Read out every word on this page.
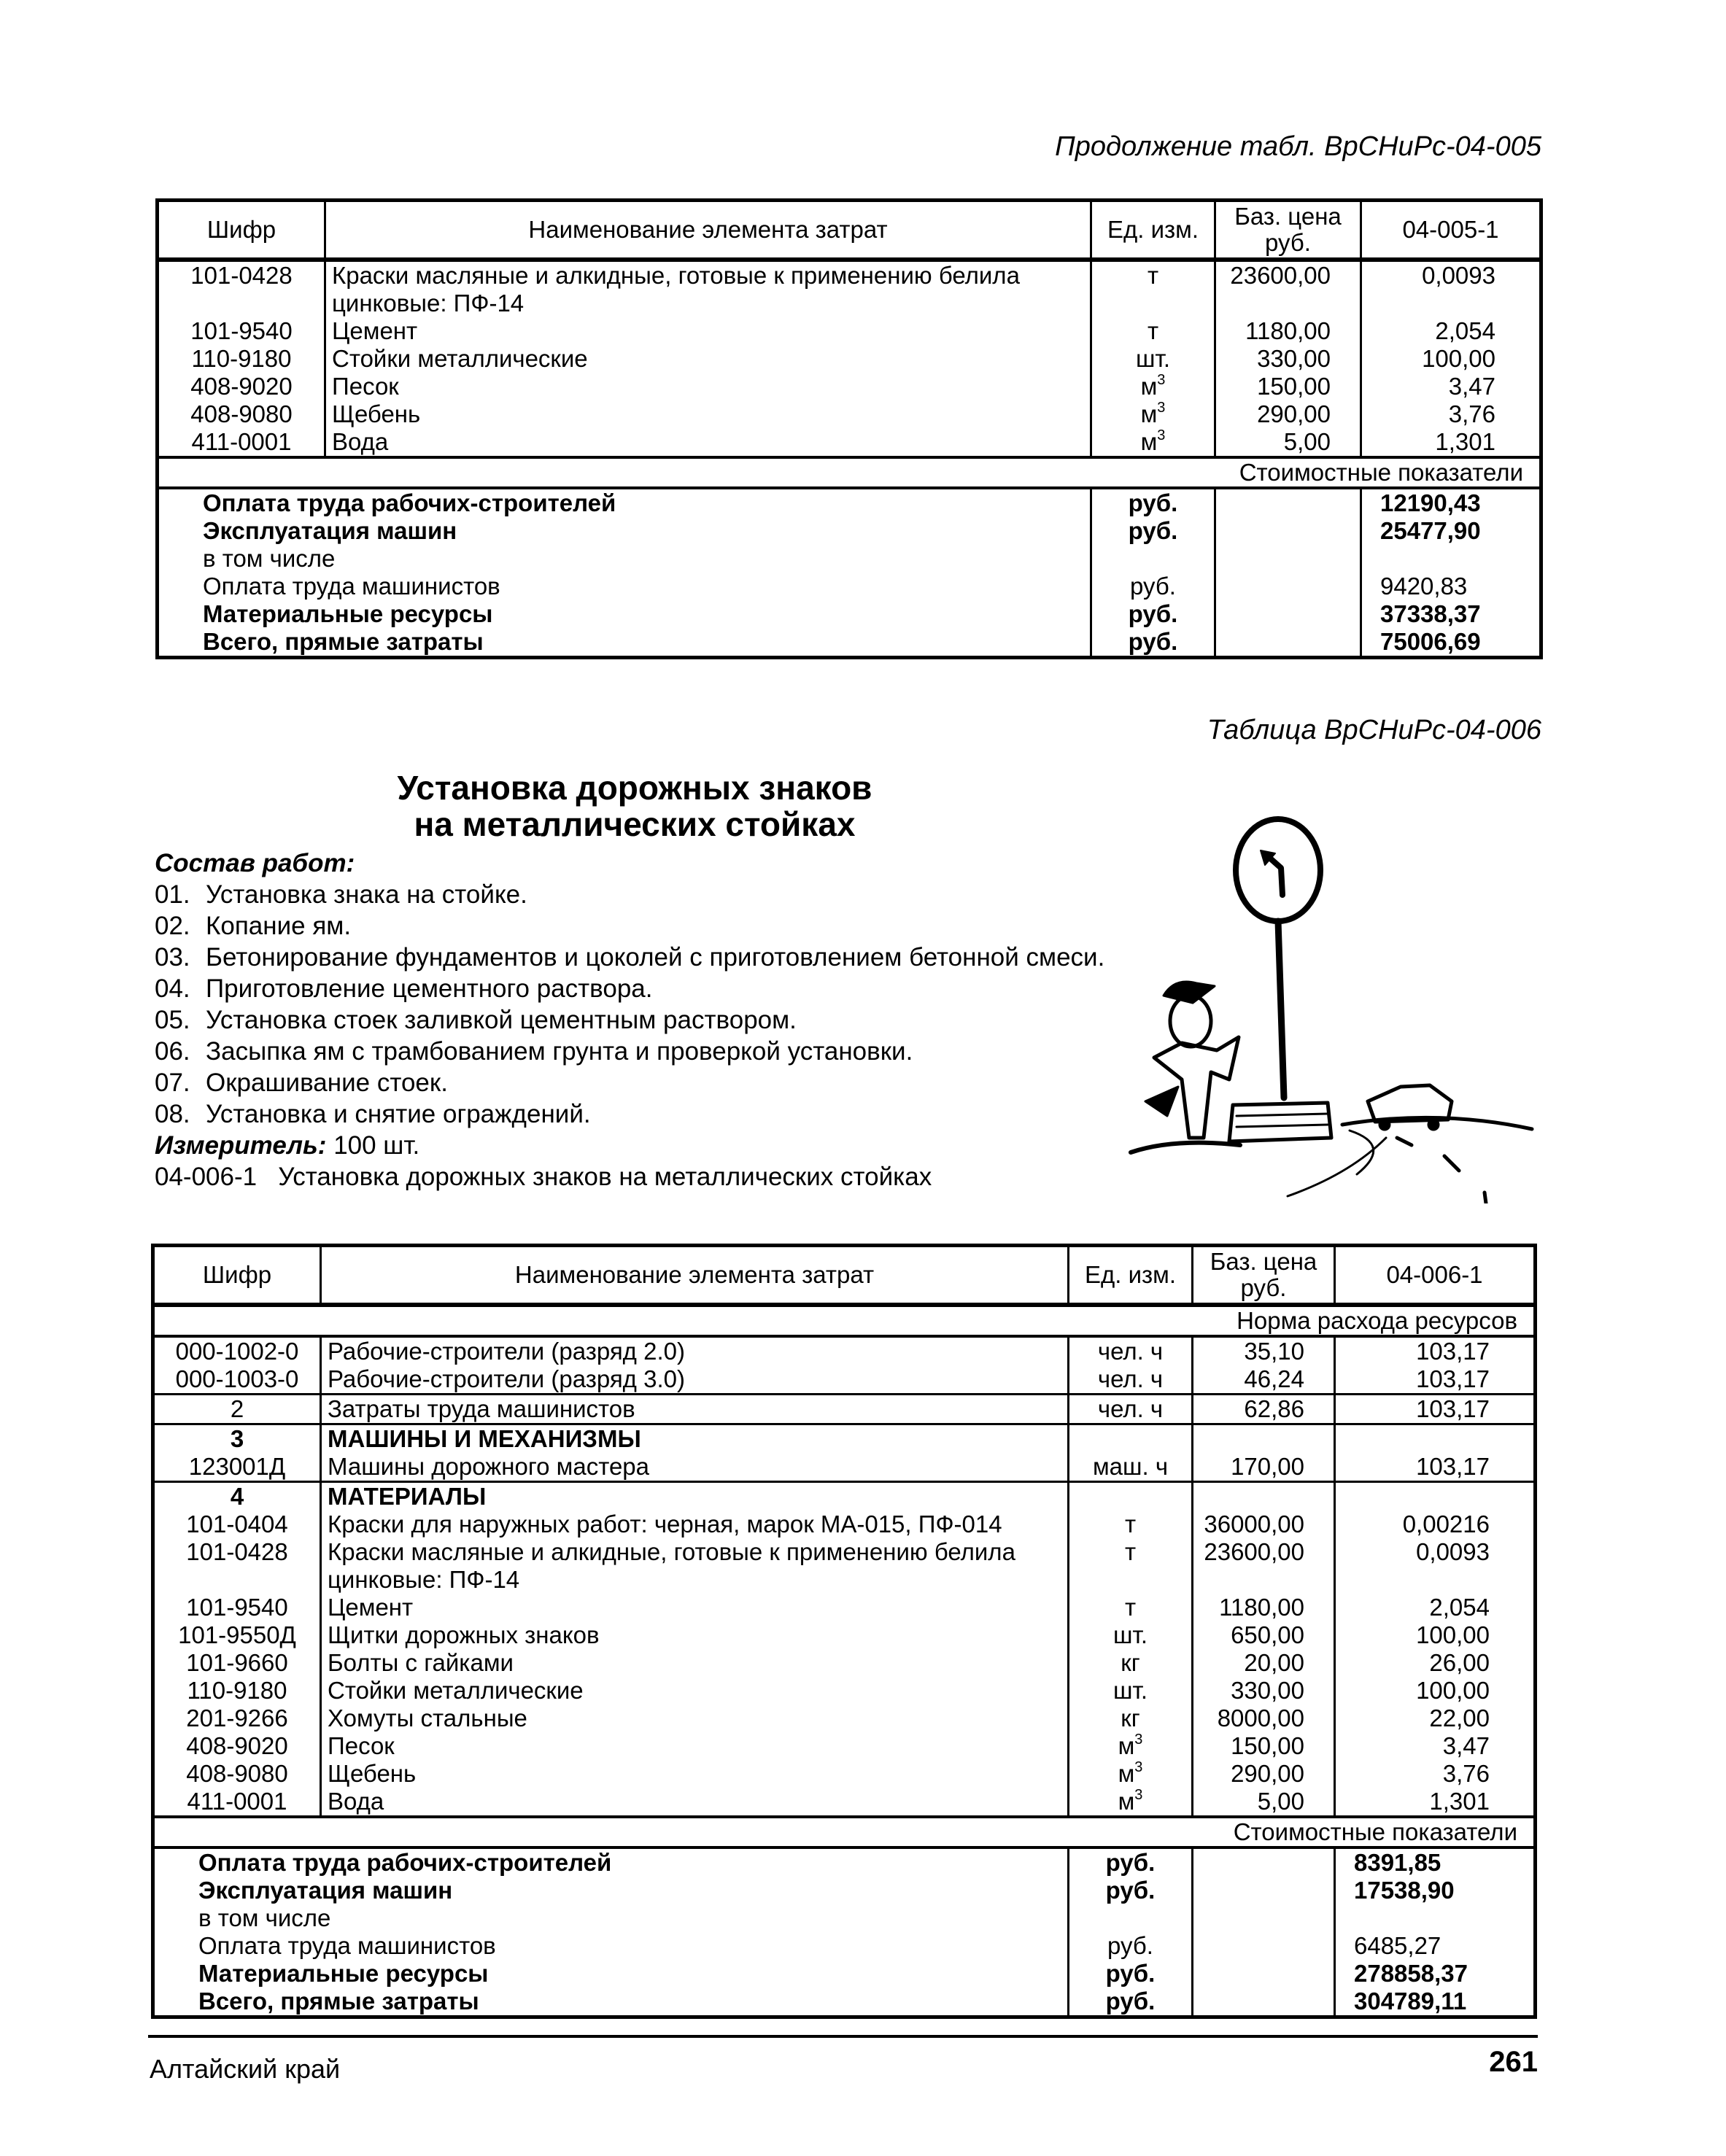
Продолжение табл. ВрСНиРс-04-005
Шифр	Наименование элемента затрат	Ед. изм.	Баз. цена
руб.	04-005-1
101-0428	Краски масляные и алкидные, готовые к применению белила
цинковые: ПФ-14	т	23600,00	0,0093
101-9540	Цемент	т	1180,00	2,054
110-9180	Стойки металлические	шт.	330,00	100,00
408-9020	Песок	$м^3$	150,00	3,47
408-9080	Щебень	$м^3$	290,00	3,76
411-0001	Вода	$м^3$	5,00	1,301
Стоимостные показатели				
Оплата труда рабочих-строителей		руб.		12190,43
Эксплуатация машин		руб.		25477,90
в том числе				
Оплата труда машинистов		руб.		9420,83
Материальные ресурсы		руб.		37338,37
Всего, прямые затраты		руб.		75006,69
Таблица ВрСНиРс-04-006
Установка дорожных знаков
на металлических стойках
Состав работ:
01. Установка знака на стойке.
02. Копание ям.
03. Бетонирование фундаментов и цоколей с приготовлением бетонной смеси.
04. Приготовление цементного раствора.
05. Установка стоек заливкой цементным раствором.
06. Засыпка ям с трамбованием грунта и проверкой установки.
07. Окрашивание стоек.
08. Установка и снятие ограждений.
Измеритель: 100 шт.
04-006-1 Установка дорожных знаков на металлических стойках
Шифр	Наименование элемента затрат	Ед. изм.	Баз. цена
руб.	04-006-1
Норма расхода ресурсов				
000-1002-0	Рабочие-строители (разряд 2.0)	чел. ч	35,10	103,17
000-1003-0	Рабочие-строители (разряд 3.0)	чел. ч	46,24	103,17
2	Затраты труда машинистов	чел. ч	62,86	103,17
3	МАШИНЫ И МЕХАНИЗМЫ			
123001Д	Машины дорожного мастера	маш. ч	170,00	103,17
4	МАТЕРИАЛЫ			
101-0404	Краски для наружных работ: черная, марок МА-015, ПФ-014	т	36000,00	0,00216
101-0428	Краски масляные и алкидные, готовые к применению белила
цинковые: ПФ-14	т	23600,00	0,0093
101-9540	Цемент	т	1180,00	2,054
101-9550Д	Щитки дорожных знаков	шт.	650,00	100,00
101-9660	Болты с гайками	кг	20,00	26,00
110-9180	Стойки металлические	шт.	330,00	100,00
201-9266	Хомуты стальные	кг	8000,00	22,00
408-9020	Песок	$м^3$	150,00	3,47
408-9080	Щебень	$м^3$	290,00	3,76
411-0001	Вода	$м^3$	5,00	1,301
Стоимостные показатели				
Оплата труда рабочих-строителей		руб.		8391,85
Эксплуатация машин		руб.		17538,90
в том числе				
Оплата труда машинистов		руб.		6485,27
Материальные ресурсы		руб.		278858,37
Всего, прямые затраты		руб.		304789,11
Алтайский край	261
